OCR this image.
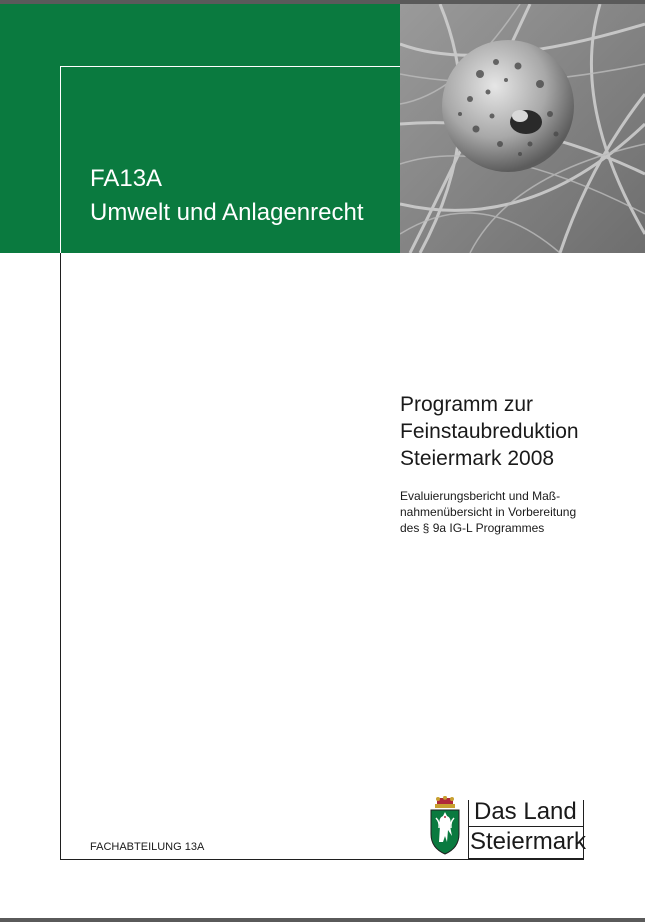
FA13A
Umwelt und Anlagenrecht
Programm zur
Feinstaubreduktion
Steiermark 2008
Evaluierungsbericht und Maß-
nahmenübersicht in Vorbereitung
des § 9a IG-L Programmes
FACHABTEILUNG 13A
Das Land
Steiermark
